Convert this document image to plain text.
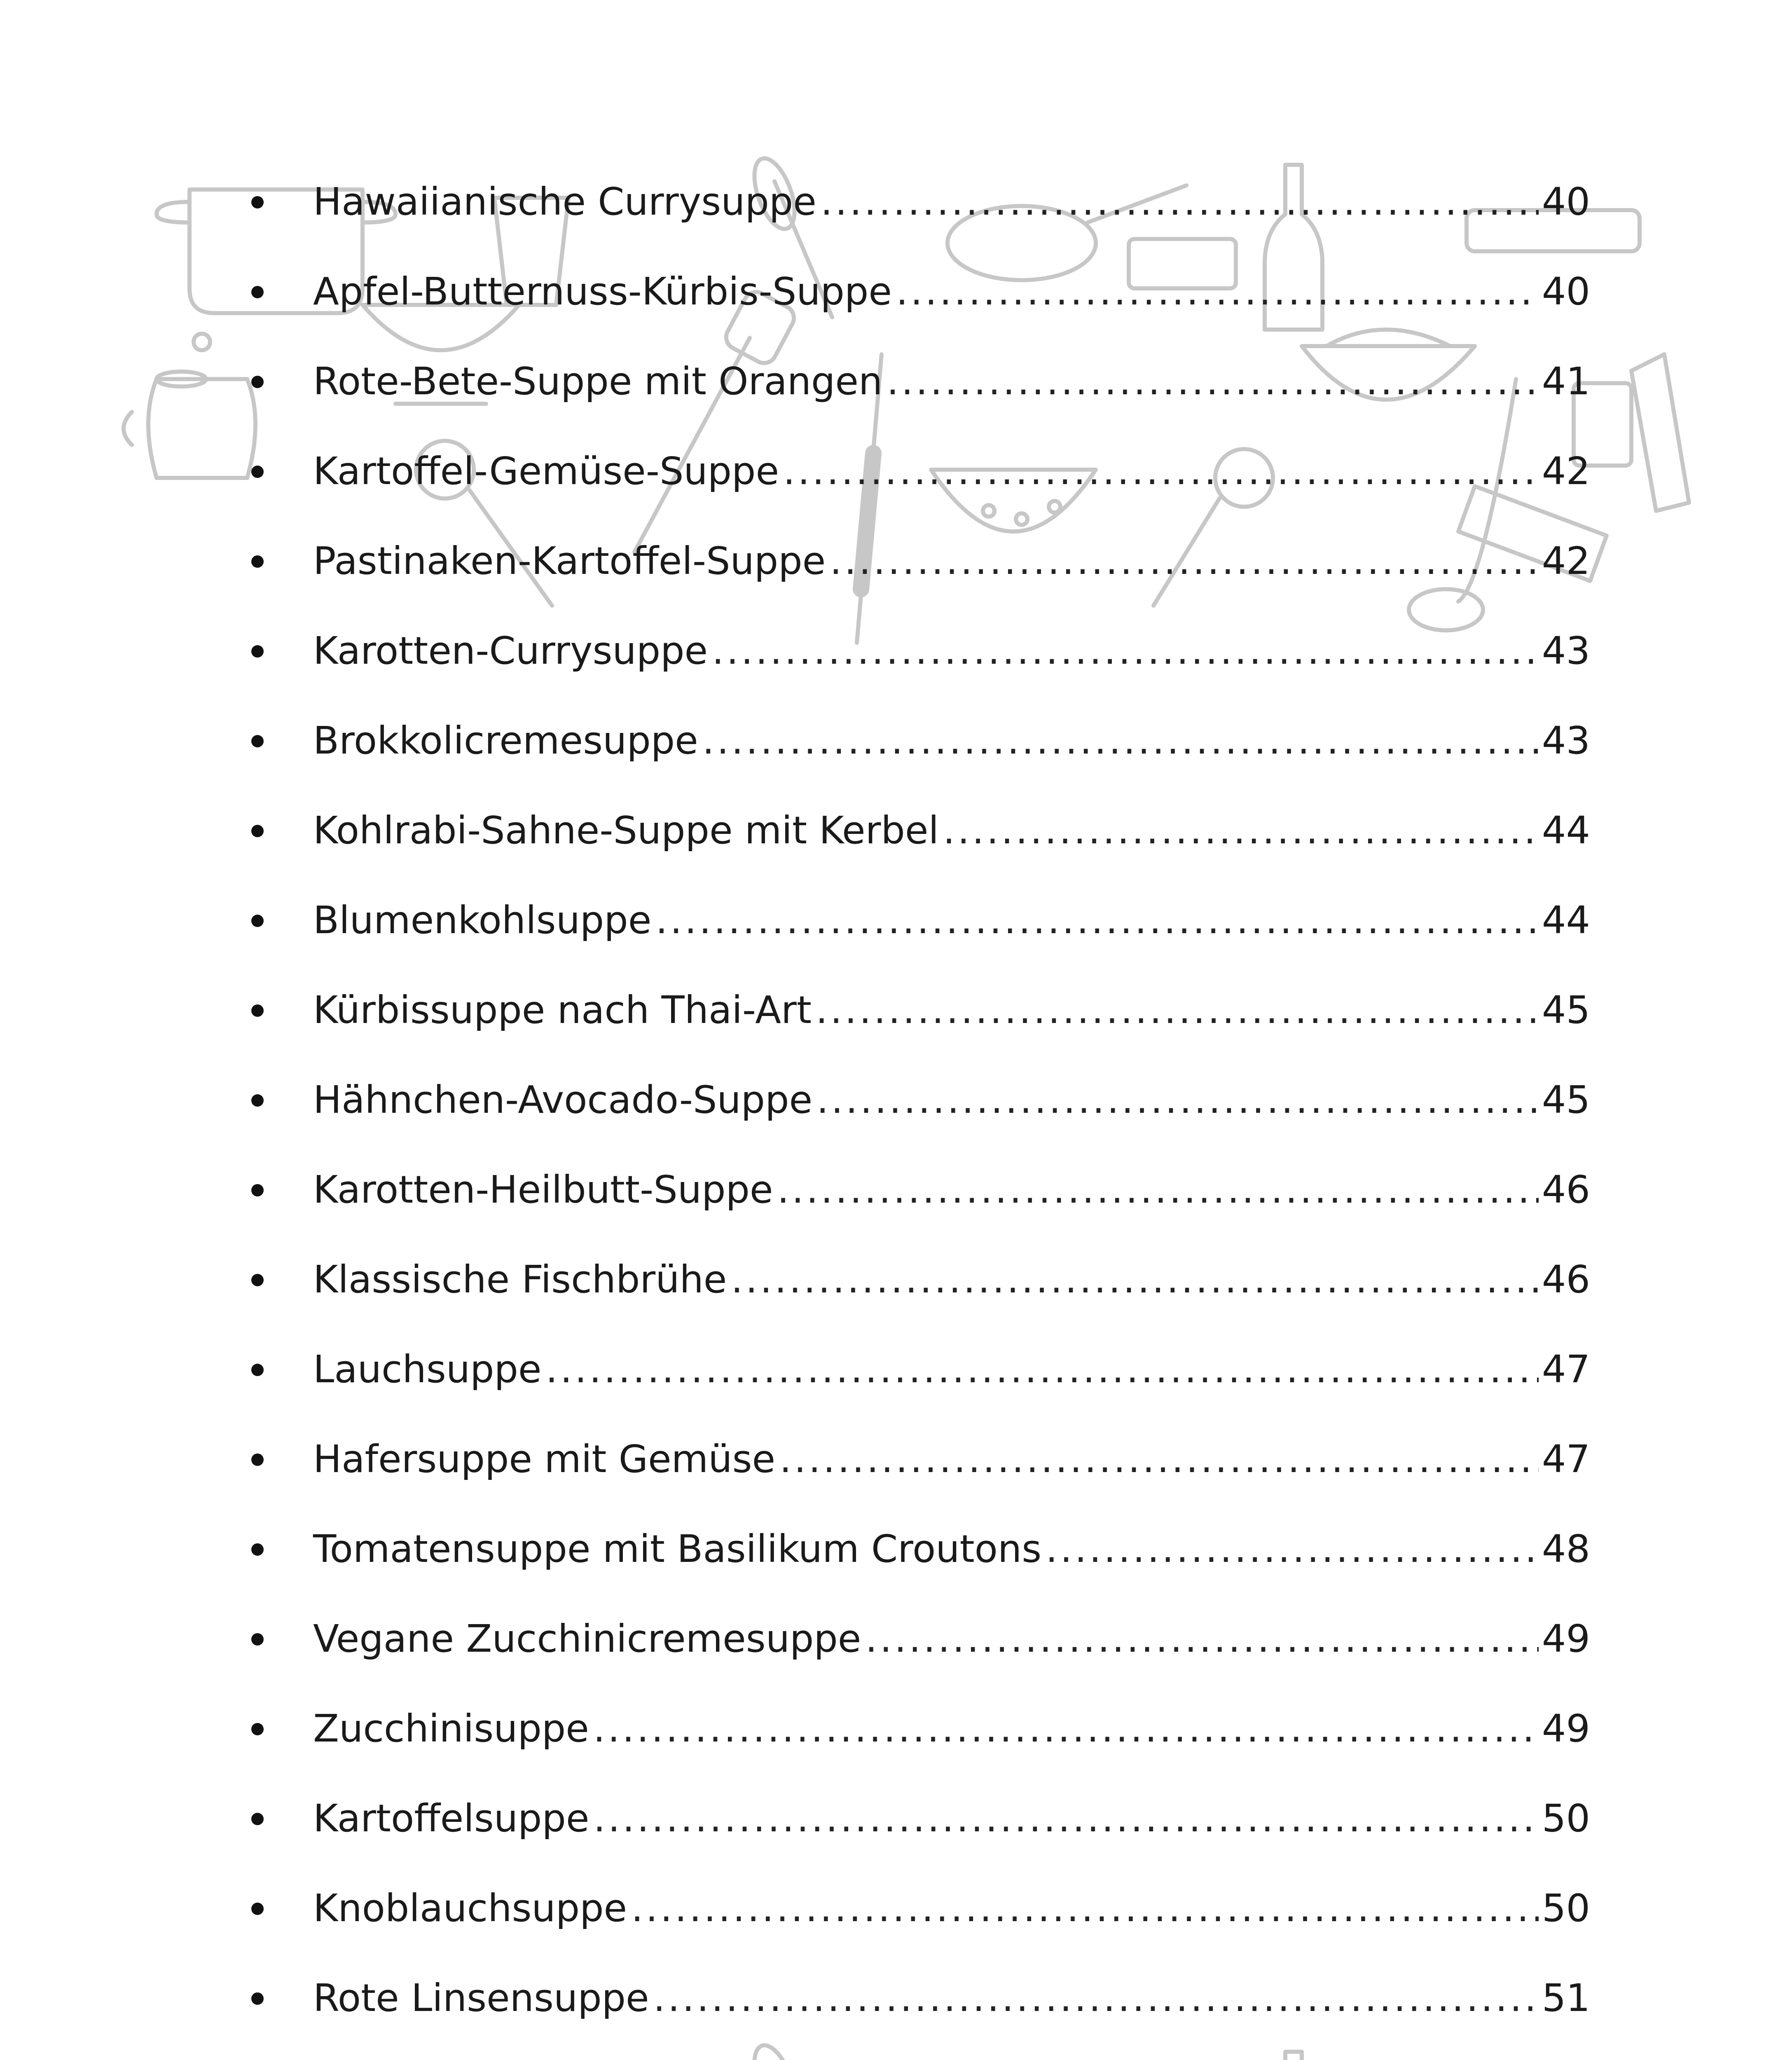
Hawaiianische Currysuppe .....	40
Apfel-Butternuss-Kürbis-Suppe .....	40
Rote-Bete-Suppe mit Orangen .....	41
Kartoffel-Gemüse-Suppe .....	42
Pastinaken-Kartoffel-Suppe .....	42
Karotten-Currysuppe .....	43
Brokkolicremesuppe .....	43
Kohlrabi-Sahne-Suppe mit Kerbel .....	44
Blumenkohlsuppe .....	44
Kürbissuppe nach Thai-Art .....	45
Hähnchen-Avocado-Suppe .....	45
Karotten-Heilbutt-Suppe .....	46
Klassische Fischbrühe .....	46
Lauchsuppe .....	47
Hafersuppe mit Gemüse .....	47
Tomatensuppe mit Basilikum Croutons .....	48
Vegane Zucchinicremesuppe .....	49
Zucchinisuppe .....	49
Kartoffelsuppe .....	50
Knoblauchsuppe .....	50
Rote Linsensuppe .....	51
